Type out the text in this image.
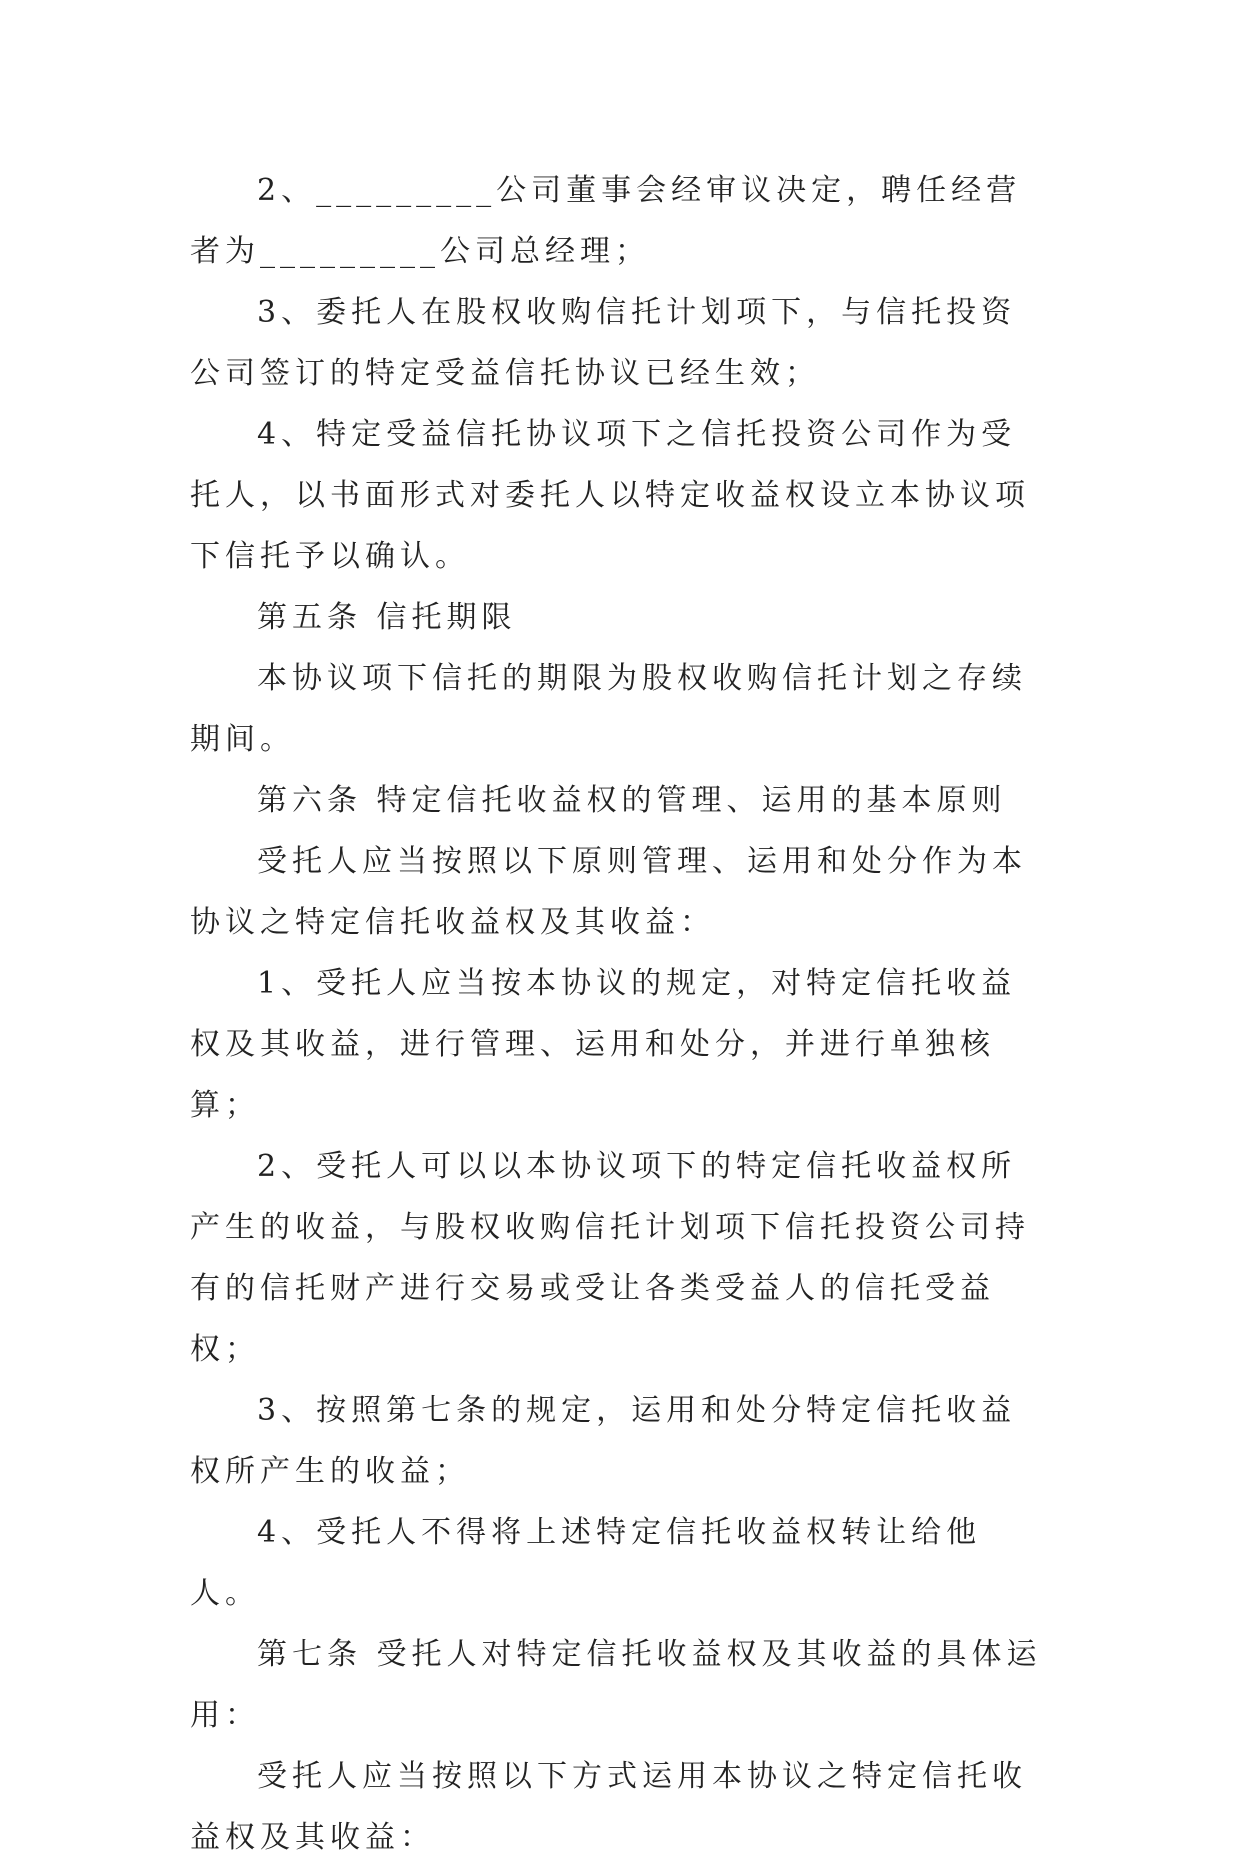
2、_________公司董事会经审议决定，聘任经营者为_________公司总经理；

3、委托人在股权收购信托计划项下，与信托投资公司签订的特定受益信托协议已经生效；

4、特定受益信托协议项下之信托投资公司作为受托人，以书面形式对委托人以特定收益权设立本协议项下信托予以确认。

第五条 信托期限

本协议项下信托的期限为股权收购信托计划之存续期间。

第六条 特定信托收益权的管理、运用的基本原则

受托人应当按照以下原则管理、运用和处分作为本协议之特定信托收益权及其收益：

1、受托人应当按本协议的规定，对特定信托收益权及其收益，进行管理、运用和处分，并进行单独核算；

2、受托人可以以本协议项下的特定信托收益权所产生的收益，与股权收购信托计划项下信托投资公司持有的信托财产进行交易或受让各类受益人的信托受益权；

3、按照第七条的规定，运用和处分特定信托收益权所产生的收益；

4、受托人不得将上述特定信托收益权转让给他人。

第七条 受托人对特定信托收益权及其收益的具体运用：

受托人应当按照以下方式运用本协议之特定信托收益权及其收益：
